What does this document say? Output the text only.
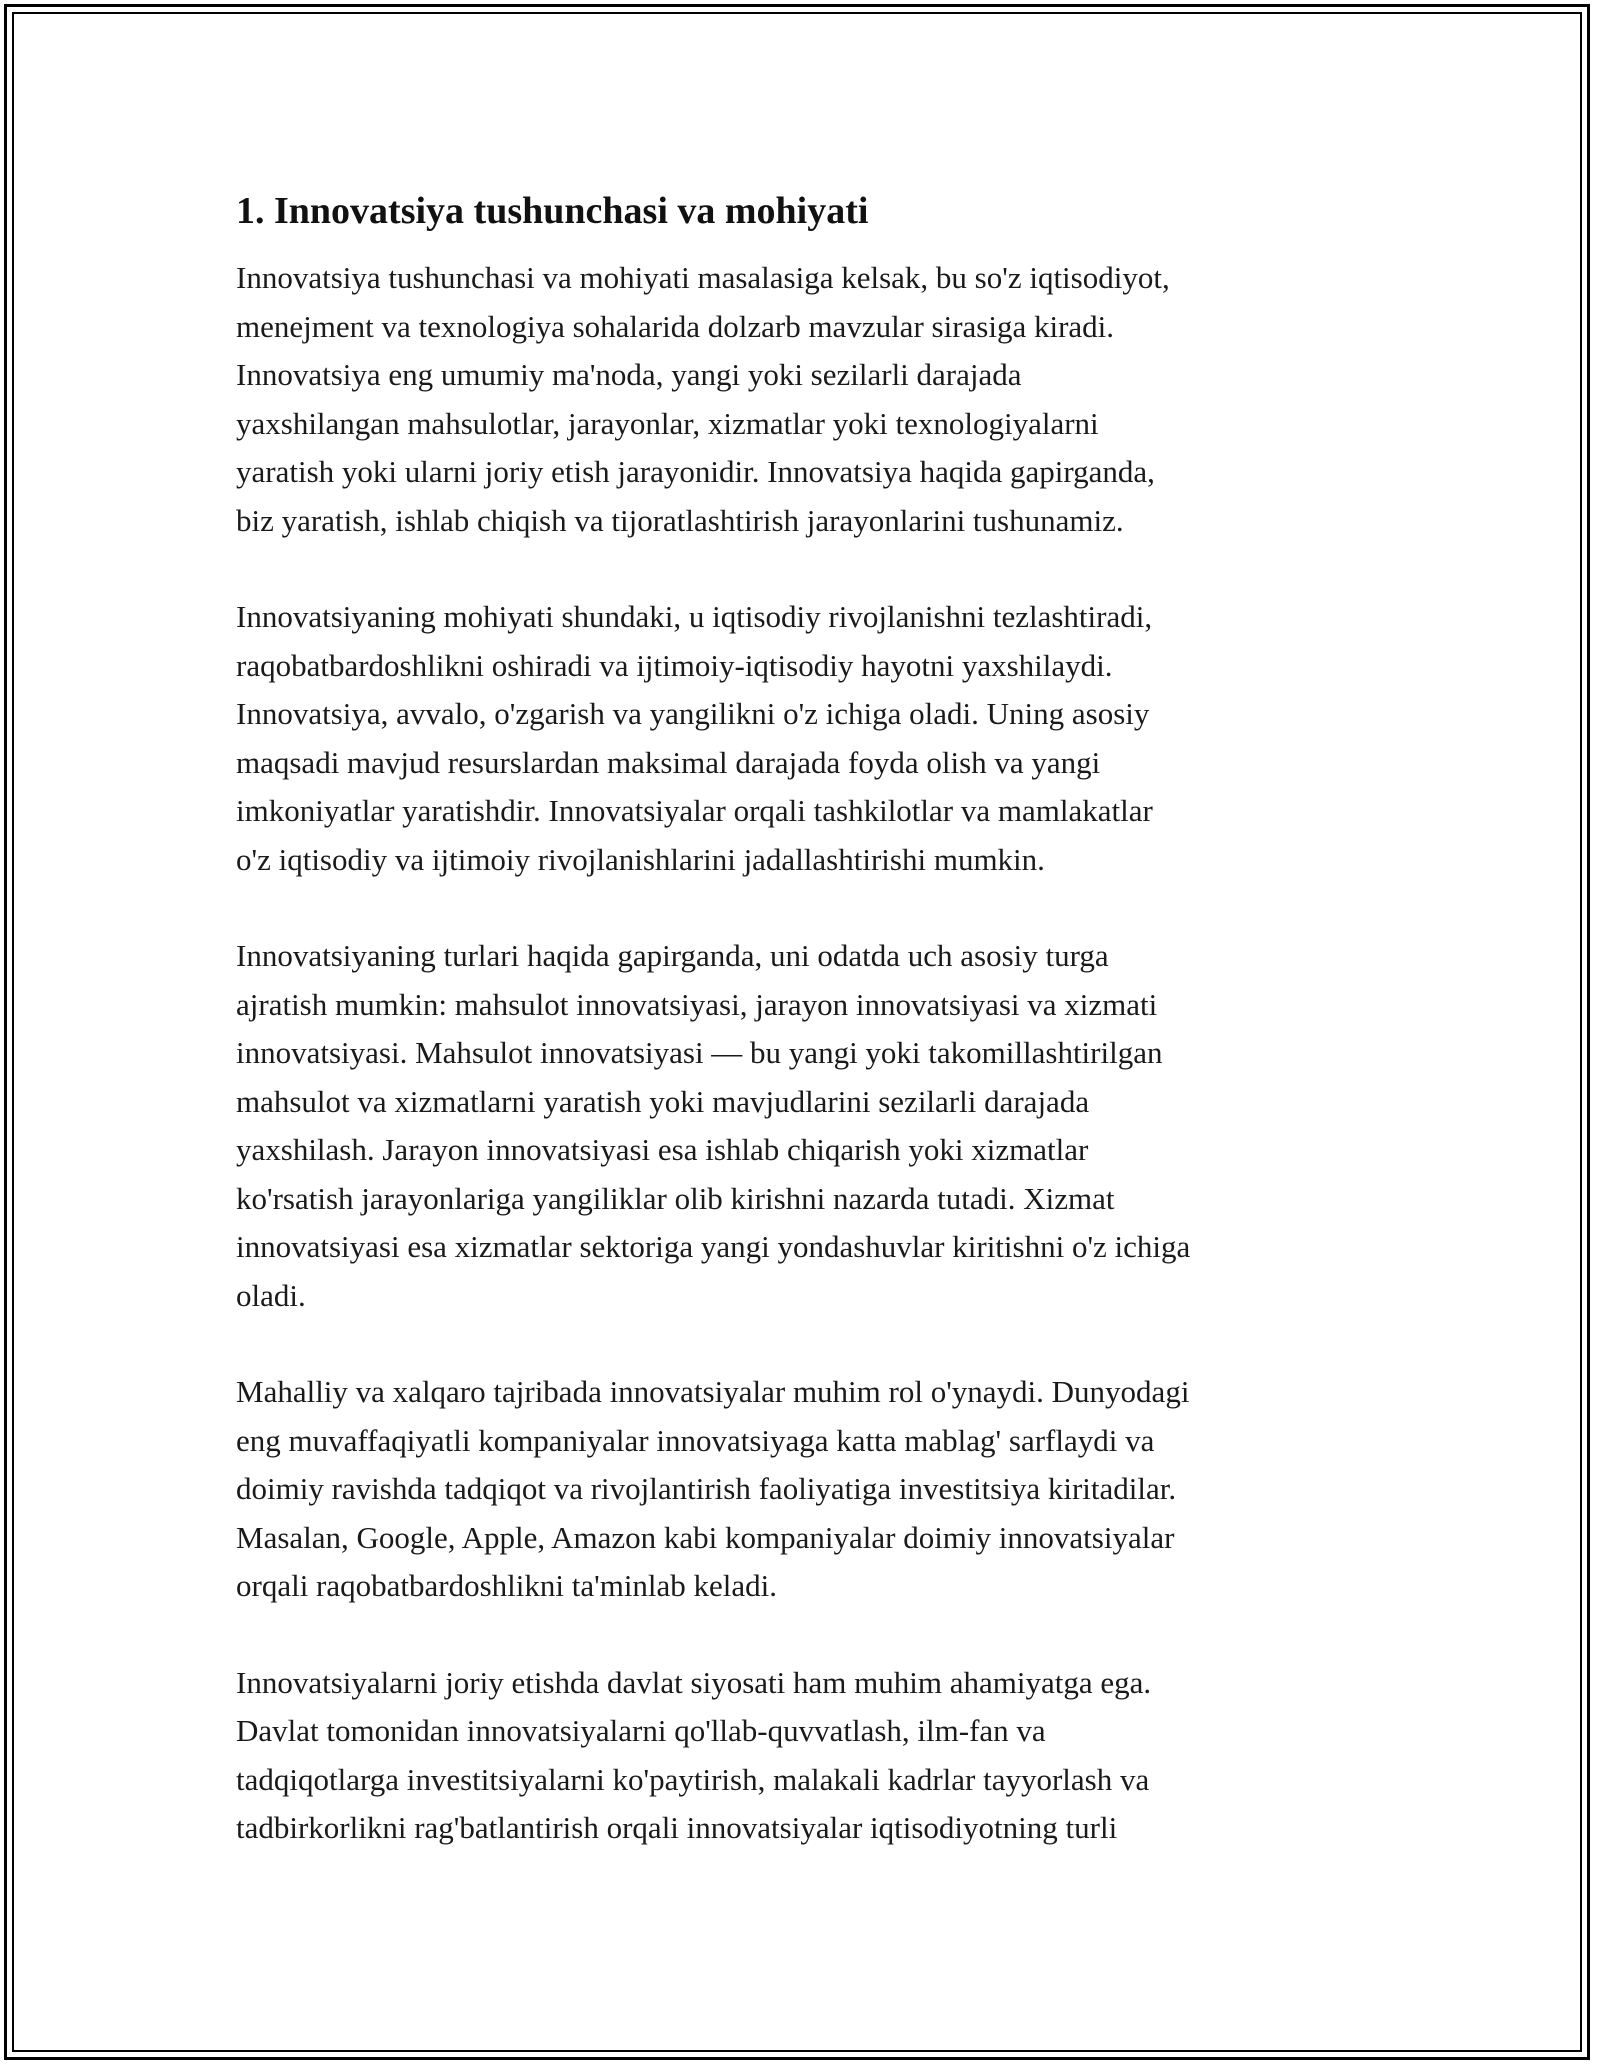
1. Innovatsiya tushunchasi va mohiyati

Innovatsiya tushunchasi va mohiyati masalasiga kelsak, bu so'z iqtisodiyot,
menejment va texnologiya sohalarida dolzarb mavzular sirasiga kiradi.
Innovatsiya eng umumiy ma'noda, yangi yoki sezilarli darajada
yaxshilangan mahsulotlar, jarayonlar, xizmatlar yoki texnologiyalarni
yaratish yoki ularni joriy etish jarayonidir. Innovatsiya haqida gapirganda,
biz yaratish, ishlab chiqish va tijoratlashtirish jarayonlarini tushunamiz.

Innovatsiyaning mohiyati shundaki, u iqtisodiy rivojlanishni tezlashtiradi,
raqobatbardoshlikni oshiradi va ijtimoiy-iqtisodiy hayotni yaxshilaydi.
Innovatsiya, avvalo, o'zgarish va yangilikni o'z ichiga oladi. Uning asosiy
maqsadi mavjud resurslardan maksimal darajada foyda olish va yangi
imkoniyatlar yaratishdir. Innovatsiyalar orqali tashkilotlar va mamlakatlar
o'z iqtisodiy va ijtimoiy rivojlanishlarini jadallashtirishi mumkin.

Innovatsiyaning turlari haqida gapirganda, uni odatda uch asosiy turga
ajratish mumkin: mahsulot innovatsiyasi, jarayon innovatsiyasi va xizmati
innovatsiyasi. Mahsulot innovatsiyasi — bu yangi yoki takomillashtirilgan
mahsulot va xizmatlarni yaratish yoki mavjudlarini sezilarli darajada
yaxshilash. Jarayon innovatsiyasi esa ishlab chiqarish yoki xizmatlar
ko'rsatish jarayonlariga yangiliklar olib kirishni nazarda tutadi. Xizmat
innovatsiyasi esa xizmatlar sektoriga yangi yondashuvlar kiritishni o'z ichiga
oladi.

Mahalliy va xalqaro tajribada innovatsiyalar muhim rol o'ynaydi. Dunyodagi
eng muvaffaqiyatli kompaniyalar innovatsiyaga katta mablag' sarflaydi va
doimiy ravishda tadqiqot va rivojlantirish faoliyatiga investitsiya kiritadilar.
Masalan, Google, Apple, Amazon kabi kompaniyalar doimiy innovatsiyalar
orqali raqobatbardoshlikni ta'minlab keladi.

Innovatsiyalarni joriy etishda davlat siyosati ham muhim ahamiyatga ega.
Davlat tomonidan innovatsiyalarni qo'llab-quvvatlash, ilm-fan va
tadqiqotlarga investitsiyalarni ko'paytirish, malakali kadrlar tayyorlash va
tadbirkorlikni rag'batlantirish orqali innovatsiyalar iqtisodiyotning turli
